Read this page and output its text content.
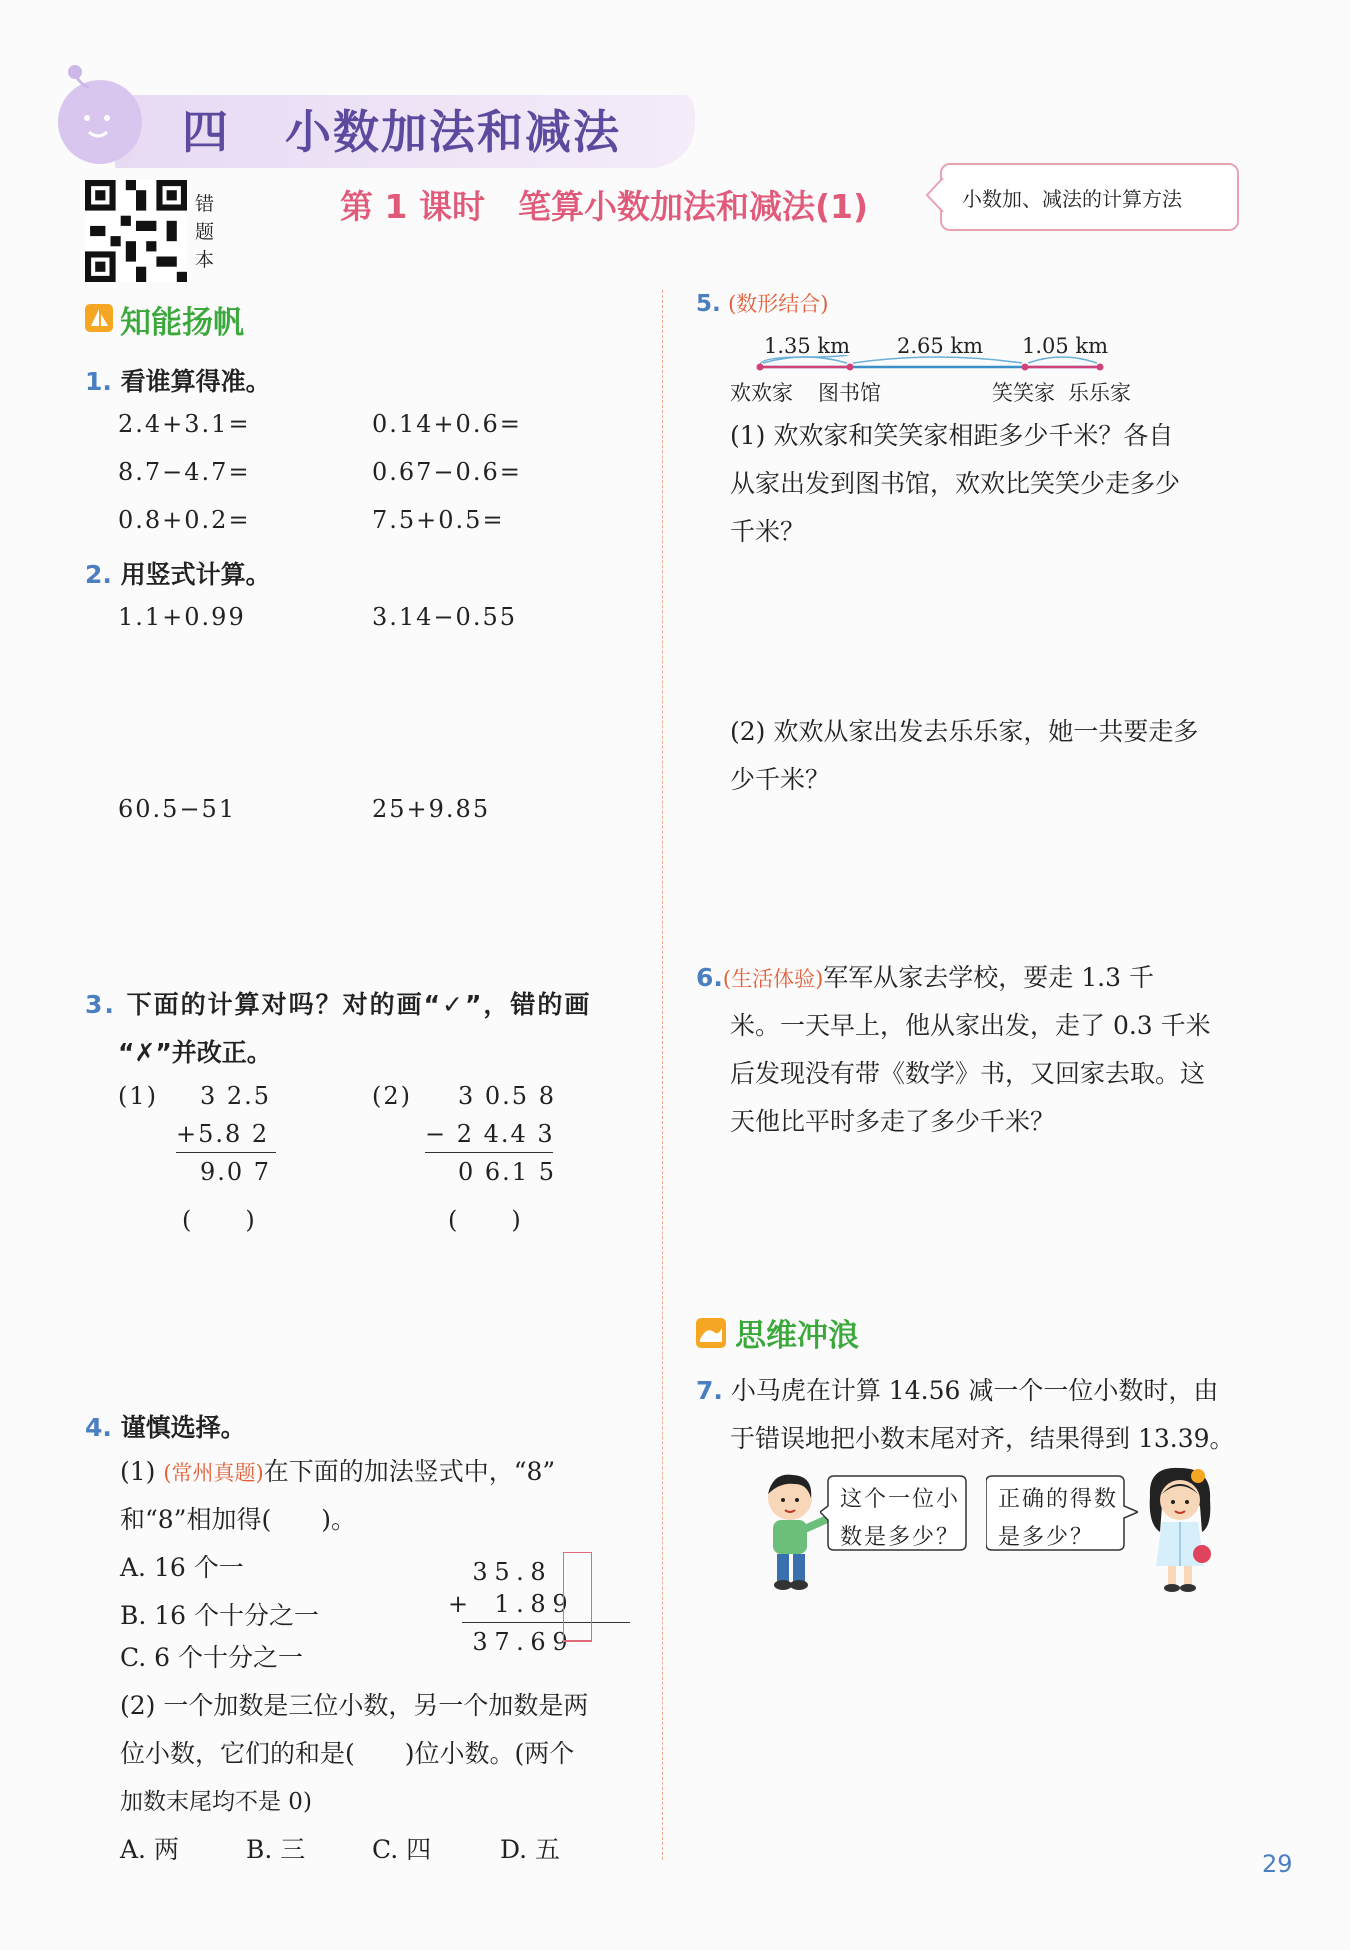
四 小数加法和减法
错
题
本
第 1 课时　笔算小数加法和减法(1)	小数加、减法的计算方法
知能扬帆
1. 看谁算得准。
2.4+3.1=	0.14+0.6=
8.7−4.7=	0.67−0.6=
0.8+0.2=	7.5+0.5=
2. 用竖式计算。
1.1+0.99	3.14−0.55
60.5−51	25+9.85
3. 下面的计算对吗？对的画“✓”，错的画
“✗”并改正。
(1) 3 2.5
+5.8 2
9.0 7
(　　)
(2) 3 0.5 8
− 2 4.4 3
0 6.1 5
(　　)
4. 谨慎选择。
(1) (常州真题)在下面的加法竖式中，“8”
和“8”相加得(　　)。
A. 16 个一
B. 16 个十分之一
C. 6 个十分之一
3 5 . 8
+ 1 . 8 9
3 7 . 6 9
(2) 一个加数是三位小数，另一个加数是两
位小数，它们的和是(　　)位小数。(两个
加数末尾均不是 0)
A. 两	B. 三	C. 四	D. 五
5. (数形结合)
1.35 km 2.65 km 1.05 km
欢欢家 图书馆	笑笑家 乐乐家
(1) 欢欢家和笑笑家相距多少千米？各自
从家出发到图书馆，欢欢比笑笑少走多少
千米？
(2) 欢欢从家出发去乐乐家，她一共要走多
少千米？
6.(生活体验)军军从家去学校，要走 1.3 千
米。一天早上，他从家出发，走了 0.3 千米
后发现没有带《数学》书，又回家去取。这
天他比平时多走了多少千米？
思维冲浪
7. 小马虎在计算 14.56 减一个一位小数时，由
于错误地把小数末尾对齐，结果得到 13.39。
这个一位小
数是多少？
正确的得数
是多少？
29
